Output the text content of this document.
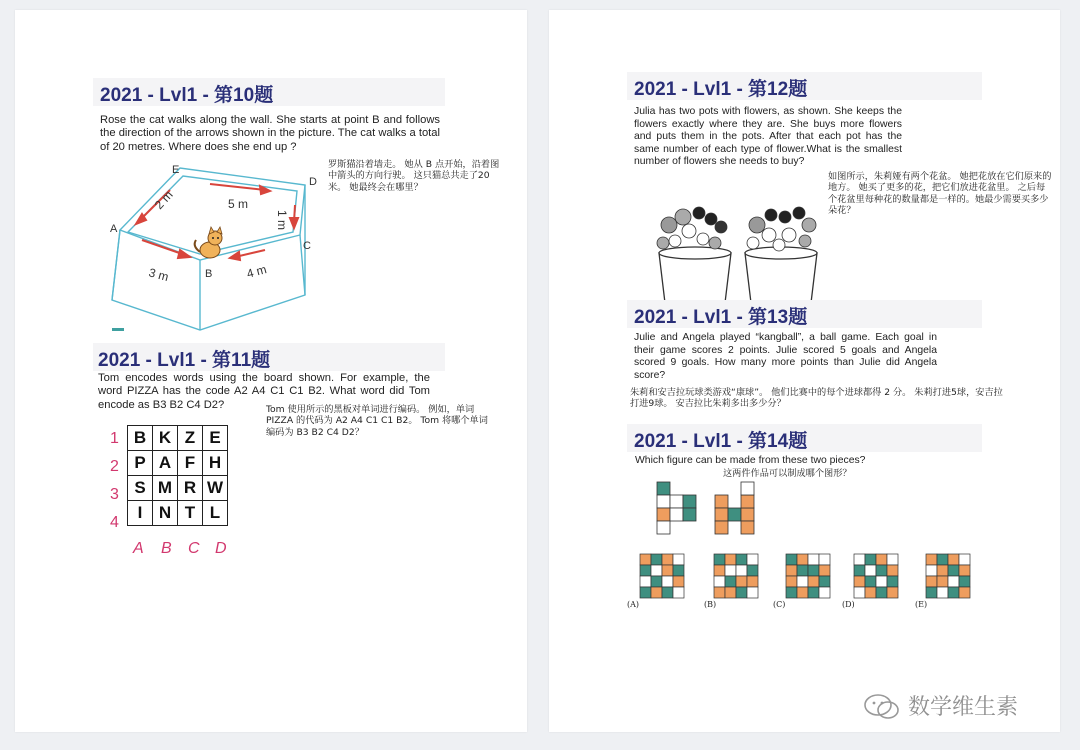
2021 - Lvl1 - 第10题
Rose the cat walks along the wall. She starts at point B and follows the direction of the arrows shown in the picture. The cat walks a total of 20 metres. Where does she end up ?
罗斯猫沿着墙走。 她从 B 点开始，沿着图中箭头的方向行驶。 这只猫总共走了20米。 她最终会在哪里？
A
B
C
D
E
2 m	5 m
1 m
3 m	4 m
2021 - Lvl1 - 第11题
Tom encodes words using the board shown. For example, the word PIZZA has the code A2 A4 C1 C1 B2. What word did Tom encode as B3 B2 C4 D2?	Tom 使用所示的黑板对单词进行编码。 例如，单词 PIZZA 的代码为 A2 A4 C1 C1 B2。 Tom 将哪个单词编码为 B3 B2 C4 D2？
B	K	Z	E
P	A	F	H
S	M	R	W
I	N	T	L
1
2
3
4
A B C D
2021 - Lvl1 - 第12题
Julia has two pots with flowers, as shown. She keeps the flowers exactly where they are. She buys more flowers and puts them in the pots. After that each pot has the same number of each type of flower.What is the smallest number of flowers she needs to buy?
如图所示，朱莉娅有两个花盆。 她把花放在它们原来的地方。 她买了更多的花，把它们放进花盆里。 之后每个花盆里每种花的数量都是一样的。她最少需要买多少朵花？
2021 - Lvl1 - 第13题
Julie and Angela played “kangball”, a ball game. Each goal in their game scores 2 points. Julie scored 5 goals and Angela scored 9 goals. How many more points than Julie did Angela score?
朱莉和安吉拉玩球类游戏“康球”。 他们比赛中的每个进球都得 2 分。 朱莉打进5球，安吉拉打进9球。 安吉拉比朱莉多出多少分？
2021 - Lvl1 - 第14题
Which figure can be made from these two pieces?
这两件作品可以制成哪个图形？
(A)	(B)	(C)	(D)	(E)
数学维生素
